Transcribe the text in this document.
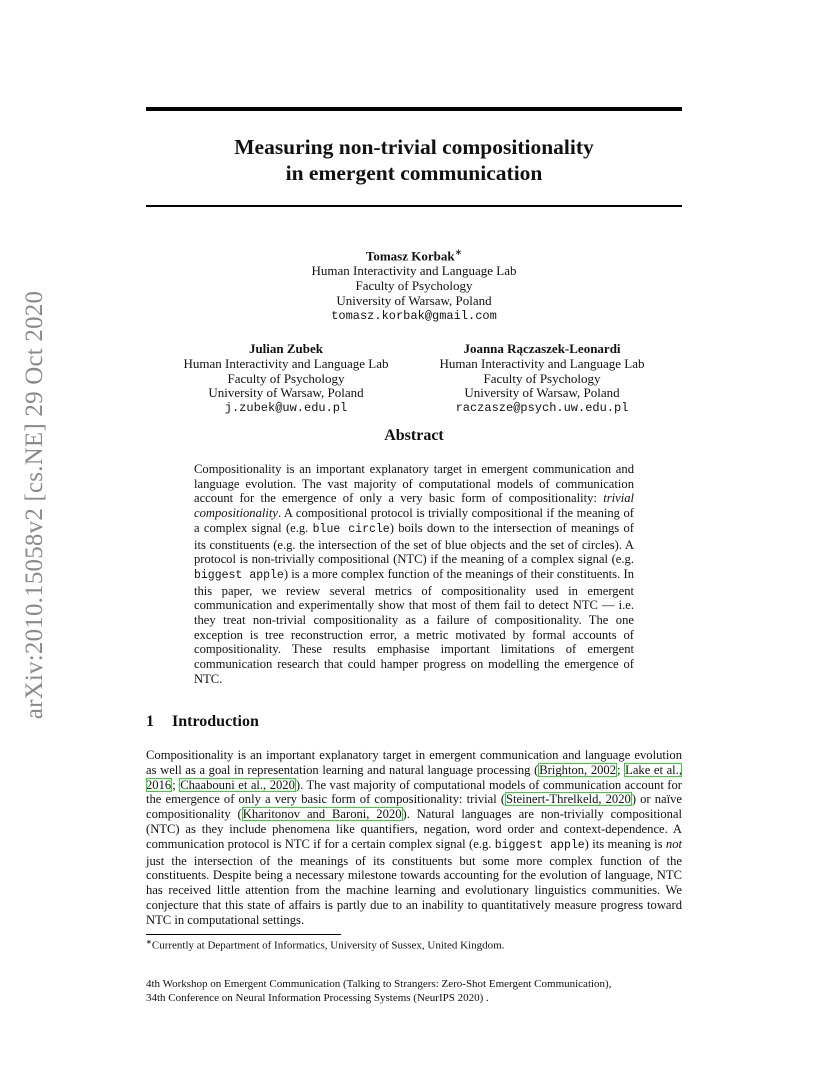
arXiv:2010.15058v2 [cs.NE] 29 Oct 2020
Measuring non-trivial compositionality
in emergent communication
Tomasz Korbak∗
Human Interactivity and Language Lab
Faculty of Psychology
University of Warsaw, Poland
tomasz.korbak@gmail.com
Julian Zubek
Human Interactivity and Language Lab
Faculty of Psychology
University of Warsaw, Poland
j.zubek@uw.edu.pl
Joanna Rączaszek-Leonardi
Human Interactivity and Language Lab
Faculty of Psychology
University of Warsaw, Poland
raczasze@psych.uw.edu.pl
Abstract
Compositionality is an important explanatory target in emergent communication and language evolution. The vast majority of computational models of communication account for the emergence of only a very basic form of compositionality: trivial compositionality. A compositional protocol is trivially compositional if the meaning of a complex signal (e.g. blue circle) boils down to the intersection of meanings of its constituents (e.g. the intersection of the set of blue objects and the set of circles). A protocol is non-trivially compositional (NTC) if the meaning of a complex signal (e.g. biggest apple) is a more complex function of the meanings of their constituents. In this paper, we review several metrics of compositionality used in emergent communication and experimentally show that most of them fail to detect NTC — i.e. they treat non-trivial compositionality as a failure of compositionality. The one exception is tree reconstruction error, a metric motivated by formal accounts of compositionality. These results emphasise important limitations of emergent communication research that could hamper progress on modelling the emergence of NTC.
1 Introduction
Compositionality is an important explanatory target in emergent communication and language evolution as well as a goal in representation learning and natural language processing (Brighton, 2002; Lake et al., 2016; Chaabouni et al., 2020). The vast majority of computational models of communication account for the emergence of only a very basic form of compositionality: trivial (Steinert-Threlkeld, 2020) or naïve compositionality (Kharitonov and Baroni, 2020). Natural languages are non-trivially compositional (NTC) as they include phenomena like quantifiers, negation, word order and context-dependence. A communication protocol is NTC if for a certain complex signal (e.g. biggest apple) its meaning is not just the intersection of the meanings of its constituents but some more complex function of the constituents. Despite being a necessary milestone towards accounting for the evolution of language, NTC has received little attention from the machine learning and evolutionary linguistics communities. We conjecture that this state of affairs is partly due to an inability to quantitatively measure progress toward NTC in computational settings.
∗Currently at Department of Informatics, University of Sussex, United Kingdom.
4th Workshop on Emergent Communication (Talking to Strangers: Zero-Shot Emergent Communication),
34th Conference on Neural Information Processing Systems (NeurIPS 2020) .
